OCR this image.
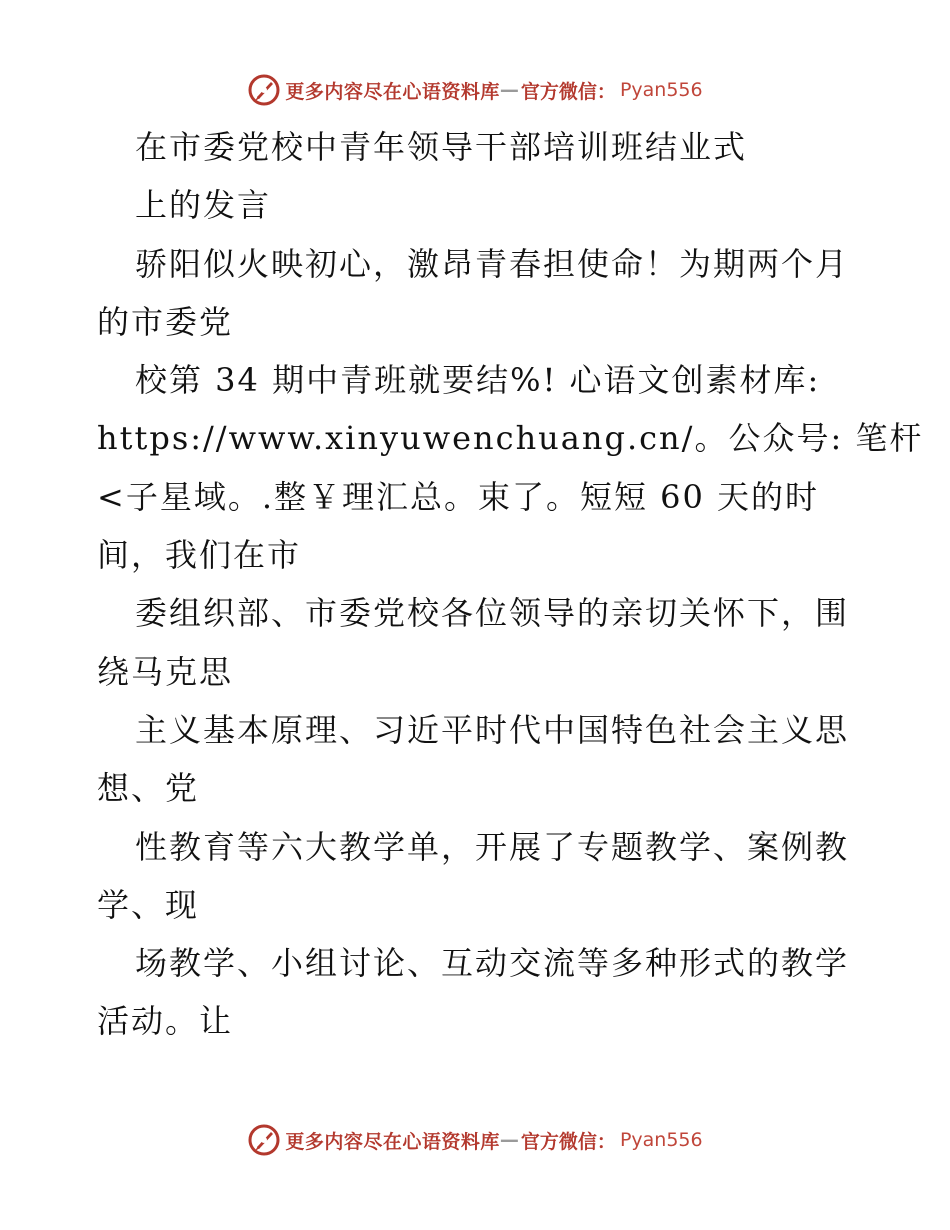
更多内容尽在心语资料库 — 官方微信： Pyan556
在市委党校中青年领导干部培训班结业式
上的发言
骄阳似火映初心，激昂青春担使命！为期两个月
的市委党
校第 34 期中青班就要结%! 心语文创素材库:
https://www.xinyuwenchuang.cn/。公众号: 笔杆
<子星域。.整￥理汇总。束了。短短 60 天的时
间，我们在市
委组织部、市委党校各位领导的亲切关怀下，围
绕马克思
主义基本原理、习近平时代中国特色社会主义思
想、党
性教育等六大教学单，开展了专题教学、案例教
学、现
场教学、小组讨论、互动交流等多种形式的教学
活动。让
更多内容尽在心语资料库 — 官方微信： Pyan556
